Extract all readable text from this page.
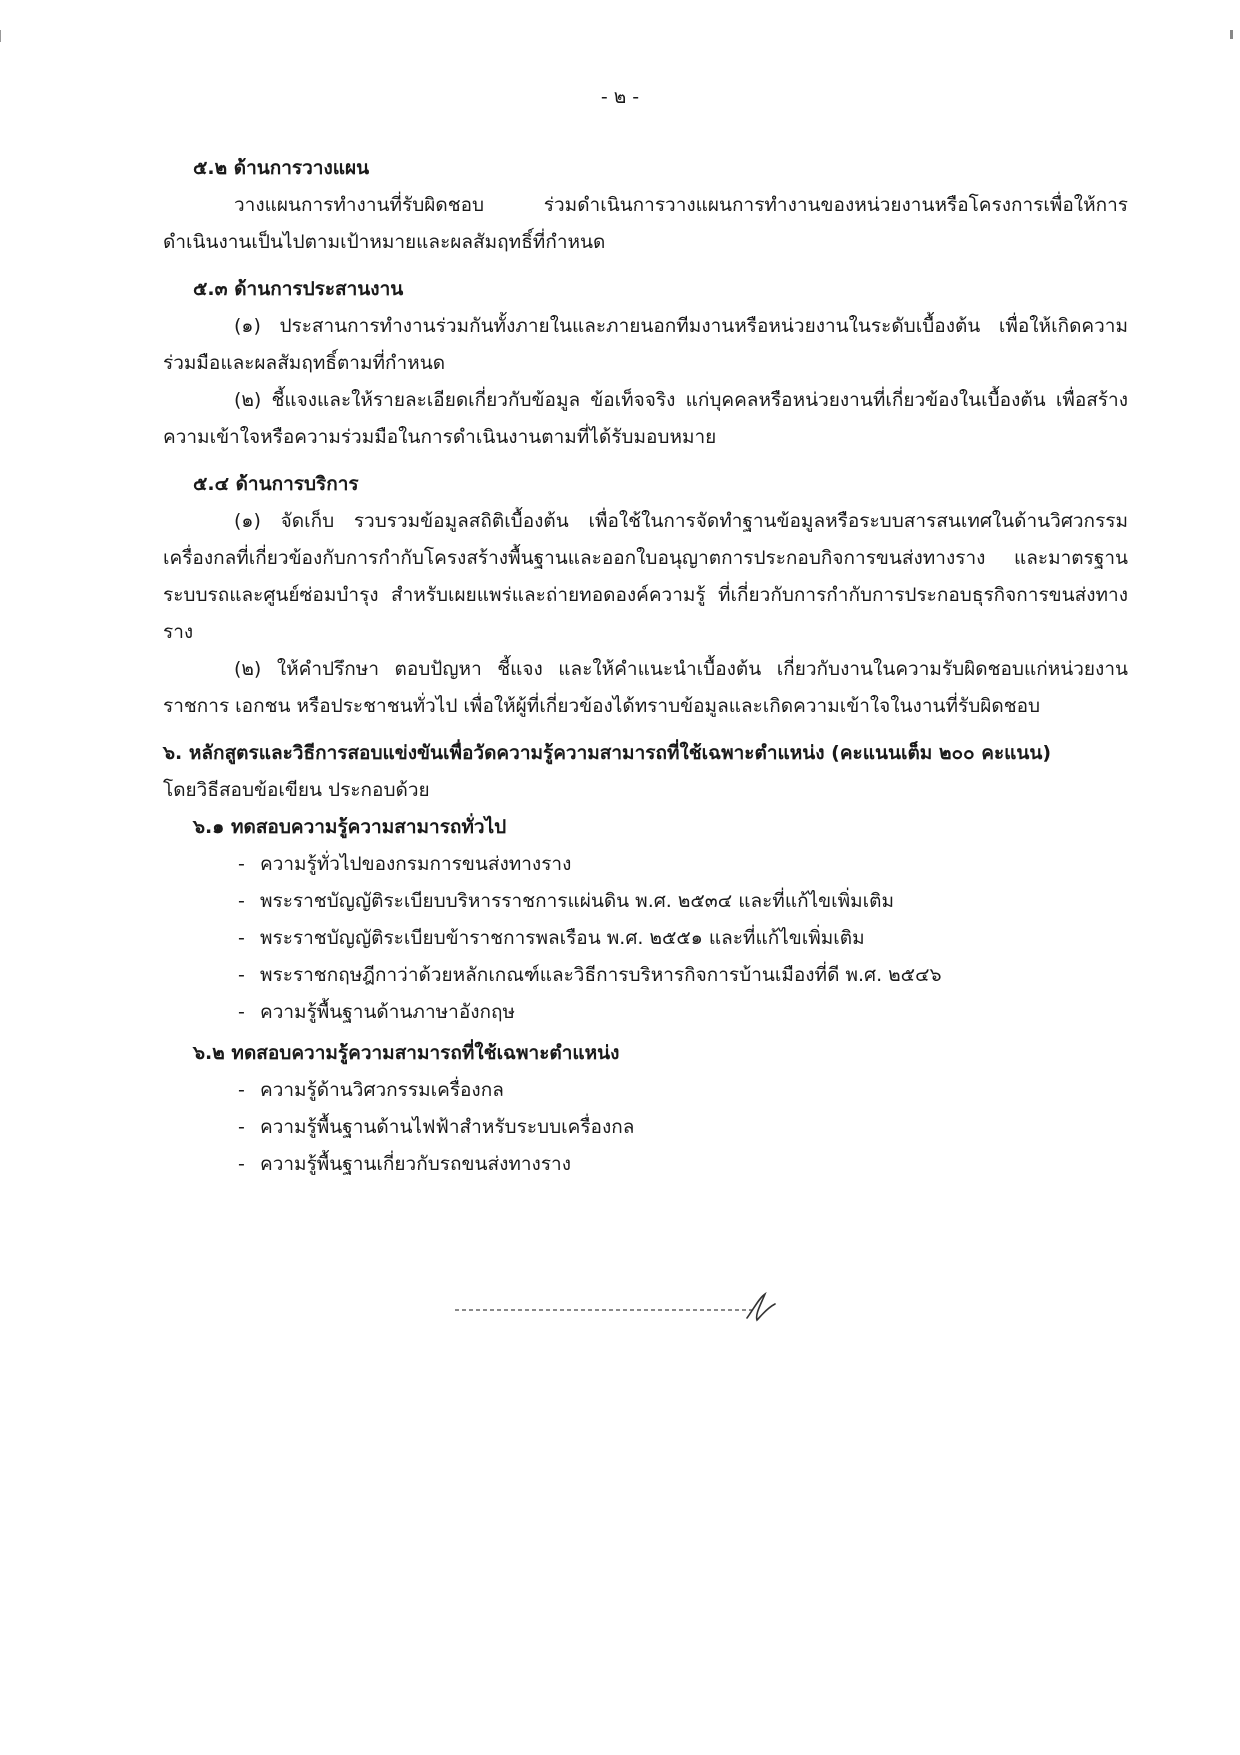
- ๒ -
๕.๒ ด้านการวางแผน
วางแผนการทำงานที่รับผิดชอบ ร่วมดำเนินการวางแผนการทำงานของหน่วยงานหรือโครงการเพื่อให้การดำเนินงานเป็นไปตามเป้าหมายและผลสัมฤทธิ์ที่กำหนด
๕.๓ ด้านการประสานงาน
(๑) ประสานการทำงานร่วมกันทั้งภายในและภายนอกทีมงานหรือหน่วยงานในระดับเบื้องต้น เพื่อให้เกิดความร่วมมือและผลสัมฤทธิ์ตามที่กำหนด
(๒) ชี้แจงและให้รายละเอียดเกี่ยวกับข้อมูล ข้อเท็จจริง แก่บุคคลหรือหน่วยงานที่เกี่ยวข้องในเบื้องต้น เพื่อสร้างความเข้าใจหรือความร่วมมือในการดำเนินงานตามที่ได้รับมอบหมาย
๕.๔ ด้านการบริการ
(๑) จัดเก็บ รวบรวมข้อมูลสถิติเบื้องต้น เพื่อใช้ในการจัดทำฐานข้อมูลหรือระบบสารสนเทศในด้านวิศวกรรมเครื่องกลที่เกี่ยวข้องกับการกำกับโครงสร้างพื้นฐานและออกใบอนุญาตการประกอบกิจการขนส่งทางราง และมาตรฐานระบบรถและศูนย์ซ่อมบำรุง สำหรับเผยแพร่และถ่ายทอดองค์ความรู้ ที่เกี่ยวกับการกำกับการประกอบธุรกิจการขนส่งทางราง
(๒) ให้คำปรึกษา ตอบปัญหา ชี้แจง และให้คำแนะนำเบื้องต้น เกี่ยวกับงานในความรับผิดชอบแก่หน่วยงานราชการ เอกชน หรือประชาชนทั่วไป เพื่อให้ผู้ที่เกี่ยวข้องได้ทราบข้อมูลและเกิดความเข้าใจในงานที่รับผิดชอบ
๖. หลักสูตรและวิธีการสอบแข่งขันเพื่อวัดความรู้ความสามารถที่ใช้เฉพาะตำแหน่ง (คะแนนเต็ม ๒๐๐ คะแนน)
โดยวิธีสอบข้อเขียน ประกอบด้วย
๖.๑ ทดสอบความรู้ความสามารถทั่วไป
- ความรู้ทั่วไปของกรมการขนส่งทางราง
- พระราชบัญญัติระเบียบบริหารราชการแผ่นดิน พ.ศ. ๒๕๓๔ และที่แก้ไขเพิ่มเติม
- พระราชบัญญัติระเบียบข้าราชการพลเรือน พ.ศ. ๒๕๕๑ และที่แก้ไขเพิ่มเติม
- พระราชกฤษฎีกาว่าด้วยหลักเกณฑ์และวิธีการบริหารกิจการบ้านเมืองที่ดี พ.ศ. ๒๕๔๖
- ความรู้พื้นฐานด้านภาษาอังกฤษ
๖.๒ ทดสอบความรู้ความสามารถที่ใช้เฉพาะตำแหน่ง
- ความรู้ด้านวิศวกรรมเครื่องกล
- ความรู้พื้นฐานด้านไฟฟ้าสำหรับระบบเครื่องกล
- ความรู้พื้นฐานเกี่ยวกับรถขนส่งทางราง
